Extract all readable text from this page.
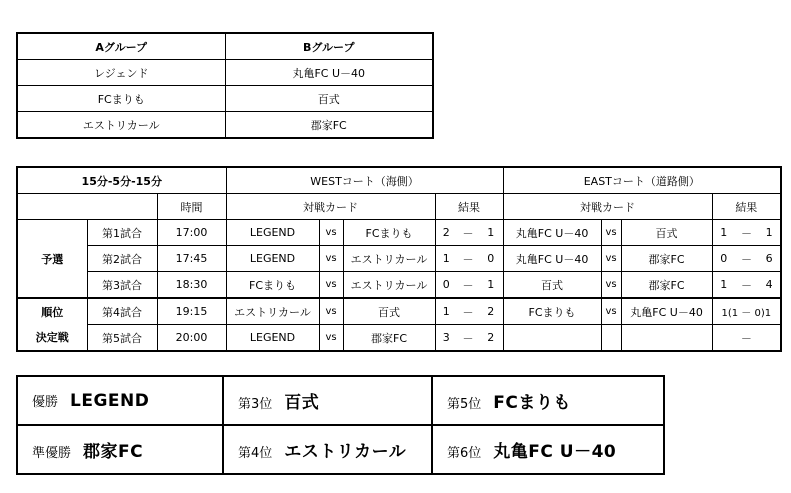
Aグループ	Bグループ
レジェンド	丸亀FC U－40
FCまりも	百式
エストリカール	郡家FC
15分-5分-15分			WESTコート（海側）						EASTコート（道路側）					
		時間	対戦カード			結果			対戦カード			結果		
予選	第1試合	17:00	LEGEND	vs	FCまりも	2	－	1	丸亀FC U－40	vs	百式	1	－	1
	第2試合	17:45	LEGEND	vs	エストリカール	1	－	0	丸亀FC U－40	vs	郡家FC	0	－	6
	第3試合	18:30	FCまりも	vs	エストリカール	0	－	1	百式	vs	郡家FC	1	－	4
順位	第4試合	19:15	エストリカール	vs	百式	1	－	2	FCまりも	vs	丸亀FC U－40	1(1 － 0)1		
決定戦	第5試合	20:00	LEGEND	vs	郡家FC	3	－	2				－		
優勝 LEGEND	第3位 百式	第5位 FCまりも
準優勝 郡家FC	第4位 エストリカール	第6位 丸亀FC U－40
